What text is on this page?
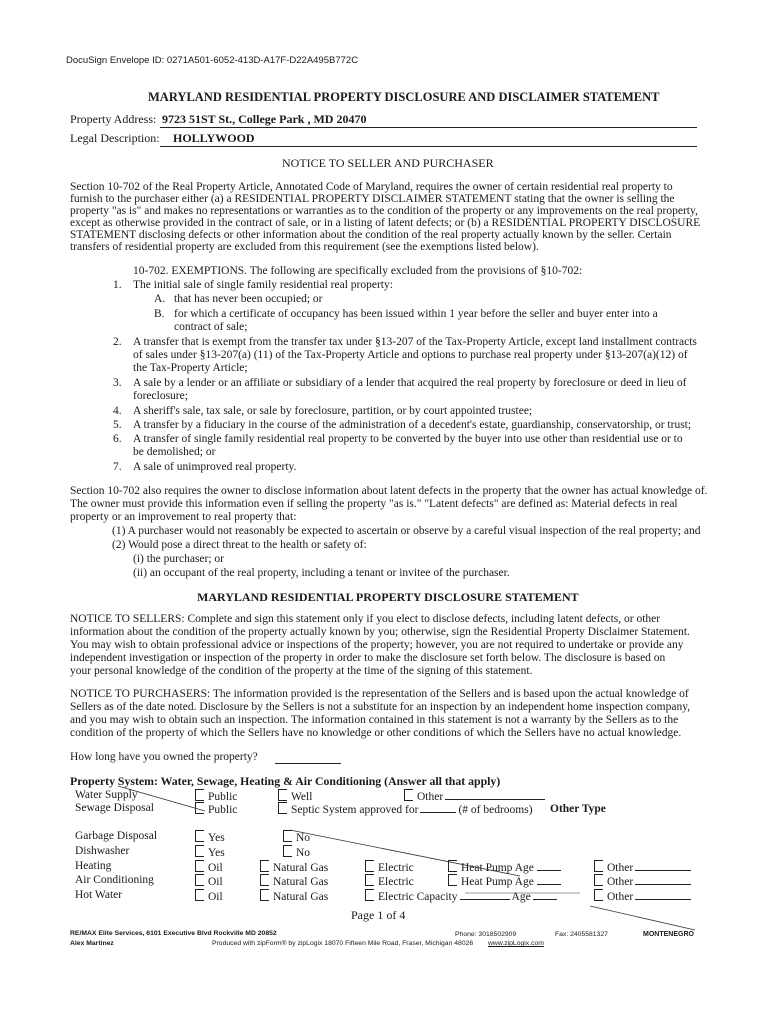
DocuSign Envelope ID: 0271A501-6052-413D-A17F-D22A495B772C
MARYLAND RESIDENTIAL PROPERTY DISCLOSURE AND DISCLAIMER STATEMENT
Property Address: 9723 51ST St., College Park , MD 20470
Legal Description: HOLLYWOOD
NOTICE TO SELLER AND PURCHASER
Section 10-702 of the Real Property Article, Annotated Code of Maryland, requires the owner of certain residential real property to
furnish to the purchaser either (a) a RESIDENTIAL PROPERTY DISCLAIMER STATEMENT stating that the owner is selling the
property "as is" and makes no representations or warranties as to the condition of the property or any improvements on the real property,
except as otherwise provided in the contract of sale, or in a listing of latent defects; or (b) a RESIDENTIAL PROPERTY DISCLOSURE
STATEMENT disclosing defects or other information about the condition of the real property actually known by the seller. Certain
transfers of residential property are excluded from this requirement (see the exemptions listed below).
10-702. EXEMPTIONS. The following are specifically excluded from the provisions of §10-702:
1. The initial sale of single family residential real property:
A. that has never been occupied; or
B. for which a certificate of occupancy has been issued within 1 year before the seller and buyer enter into a
contract of sale;
2. A transfer that is exempt from the transfer tax under §13-207 of the Tax-Property Article, except land installment contracts
of sales under §13-207(a) (11) of the Tax-Property Article and options to purchase real property under §13-207(a)(12) of
the Tax-Property Article;
3. A sale by a lender or an affiliate or subsidiary of a lender that acquired the real property by foreclosure or deed in lieu of
foreclosure;
4. A sheriff's sale, tax sale, or sale by foreclosure, partition, or by court appointed trustee;
5. A transfer by a fiduciary in the course of the administration of a decedent's estate, guardianship, conservatorship, or trust;
6. A transfer of single family residential real property to be converted by the buyer into use other than residential use or to
be demolished; or
7. A sale of unimproved real property.
Section 10-702 also requires the owner to disclose information about latent defects in the property that the owner has actual knowledge of.
The owner must provide this information even if selling the property "as is." "Latent defects" are defined as: Material defects in real
property or an improvement to real property that:
(1) A purchaser would not reasonably be expected to ascertain or observe by a careful visual inspection of the real property; and
(2) Would pose a direct threat to the health or safety of:
(i) the purchaser; or
(ii) an occupant of the real property, including a tenant or invitee of the purchaser.
MARYLAND RESIDENTIAL PROPERTY DISCLOSURE STATEMENT
NOTICE TO SELLERS: Complete and sign this statement only if you elect to disclose defects, including latent defects, or other
information about the condition of the property actually known by you; otherwise, sign the Residential Property Disclaimer Statement.
You may wish to obtain professional advice or inspections of the property; however, you are not required to undertake or provide any
independent investigation or inspection of the property in order to make the disclosure set forth below. The disclosure is based on
your personal knowledge of the condition of the property at the time of the signing of this statement.
NOTICE TO PURCHASERS: The information provided is the representation of the Sellers and is based upon the actual knowledge of
Sellers as of the date noted. Disclosure by the Sellers is not a substitute for an inspection by an independent home inspection company,
and you may wish to obtain such an inspection. The information contained in this statement is not a warranty by the Sellers as to the
condition of the property of which the Sellers have no knowledge or other conditions of which the Sellers have no actual knowledge.
How long have you owned the property?
Property System: Water, Sewage, Heating & Air Conditioning (Answer all that apply)
Water Supply	Public	Well	Other
Sewage Disposal	Public	Septic System approved for	(# of bedrooms) Other Type
Garbage Disposal	Yes	No
Dishwasher	Yes	No
Heating	Oil	Natural Gas	Electric	Heat Pump Age	Other
Air Conditioning	Oil	Natural Gas	Electric	Heat Pump Age	Other
Hot Water	Oil	Natural Gas	Electric Capacity	Age	Other
Page 1 of 4
RE/MAX Elite Services, 6101 Executive Blvd Rockville MD 20852
Alex Martinez
Phone: 3018502909	Fax: 2405581327	MONTENEGRO
Produced with zipForm® by zipLogix 18070 Fifteen Mile Road, Fraser, Michigan 48026 www.zipLogix.com
